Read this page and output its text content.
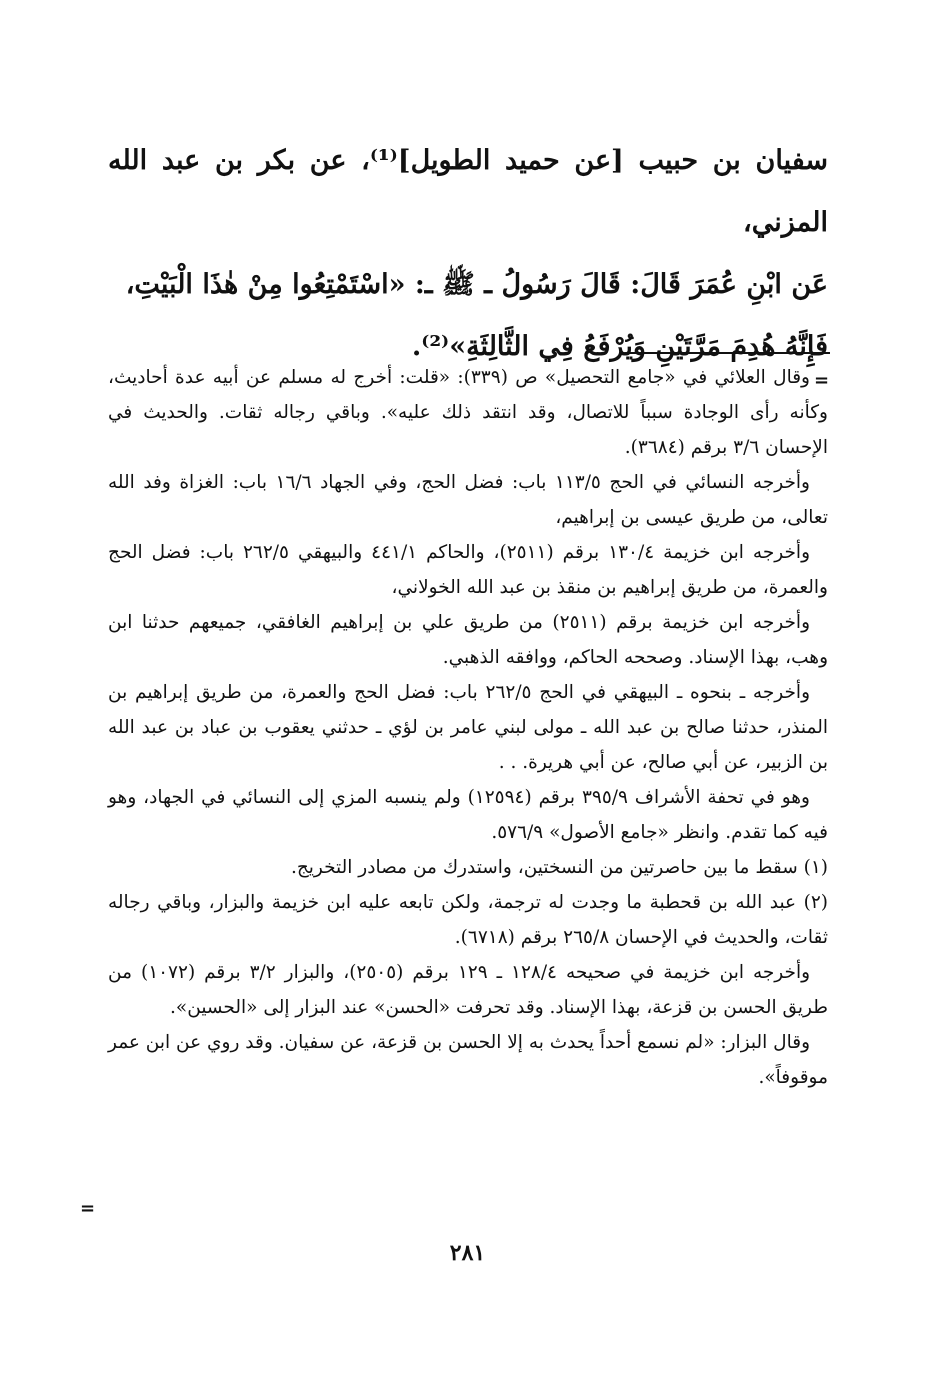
سفيان بن حبيب [عن حميد الطويل]⁽¹⁾، عن بكر بن عبد الله المزني،

عَن ابْنِ عُمَرَ قَالَ: قَالَ رَسُولُ ـ ﷺ ـ: «اسْتَمْتِعُوا مِنْ هٰذَا الْبَيْتِ،

فَإِنَّهُ هُدِمَ مَرَّتَيْنِ وَيُرْفَعُ فِي الثَّالِثَةِ»⁽²⁾.

=

وقال العلائي في «جامع التحصيل» ص (٣٣٩): «قلت: أخرج له مسلم عن أبيه عدة أحاديث، وكأنه رأى الوجادة سبباً للاتصال، وقد انتقد ذلك عليه». وباقي رجاله ثقات. والحديث في الإحسان ٣/٦ برقم (٣٦٨٤).

وأخرجه النسائي في الحج ١١٣/٥ باب: فضل الحج، وفي الجهاد ١٦/٦ باب: الغزاة وفد الله تعالى، من طريق عيسى بن إبراهيم،

وأخرجه ابن خزيمة ١٣٠/٤ برقم (٢٥١١)، والحاكم ٤٤١/١ والبيهقي ٢٦٢/٥ باب: فضل الحج والعمرة، من طريق إبراهيم بن منقذ بن عبد الله الخولاني،

وأخرجه ابن خزيمة برقم (٢٥١١) من طريق علي بن إبراهيم الغافقي، جميعهم حدثنا ابن وهب، بهذا الإسناد. وصححه الحاكم، ووافقه الذهبي.

وأخرجه ـ بنحوه ـ البيهقي في الحج ٢٦٢/٥ باب: فضل الحج والعمرة، من طريق إبراهيم بن المنذر، حدثنا صالح بن عبد الله ـ مولى لبني عامر بن لؤي ـ حدثني يعقوب بن عباد بن عبد الله بن الزبير، عن أبي صالح، عن أبي هريرة. . .

وهو في تحفة الأشراف ٣٩٥/٩ برقم (١٢٥٩٤) ولم ينسبه المزي إلى النسائي في الجهاد، وهو فيه كما تقدم. وانظر «جامع الأصول» ٥٧٦/٩.

(١) سقط ما بين حاصرتين من النسختين، واستدرك من مصادر التخريج.

(٢) عبد الله بن قحطبة ما وجدت له ترجمة، ولكن تابعه عليه ابن خزيمة والبزار، وباقي رجاله ثقات، والحديث في الإحسان ٢٦٥/٨ برقم (٦٧١٨).

وأخرجه ابن خزيمة في صحيحه ١٢٨/٤ ـ ١٢٩ برقم (٢٥٠٥)، والبزار ٣/٢ برقم (١٠٧٢) من طريق الحسن بن قزعة، بهذا الإسناد. وقد تحرفت «الحسن» عند البزار إلى «الحسين».

وقال البزار: «لم نسمع أحداً يحدث به إلا الحسن بن قزعة، عن سفيان. وقد روي عن ابن عمر موقوفاً».

=
٢٨١
